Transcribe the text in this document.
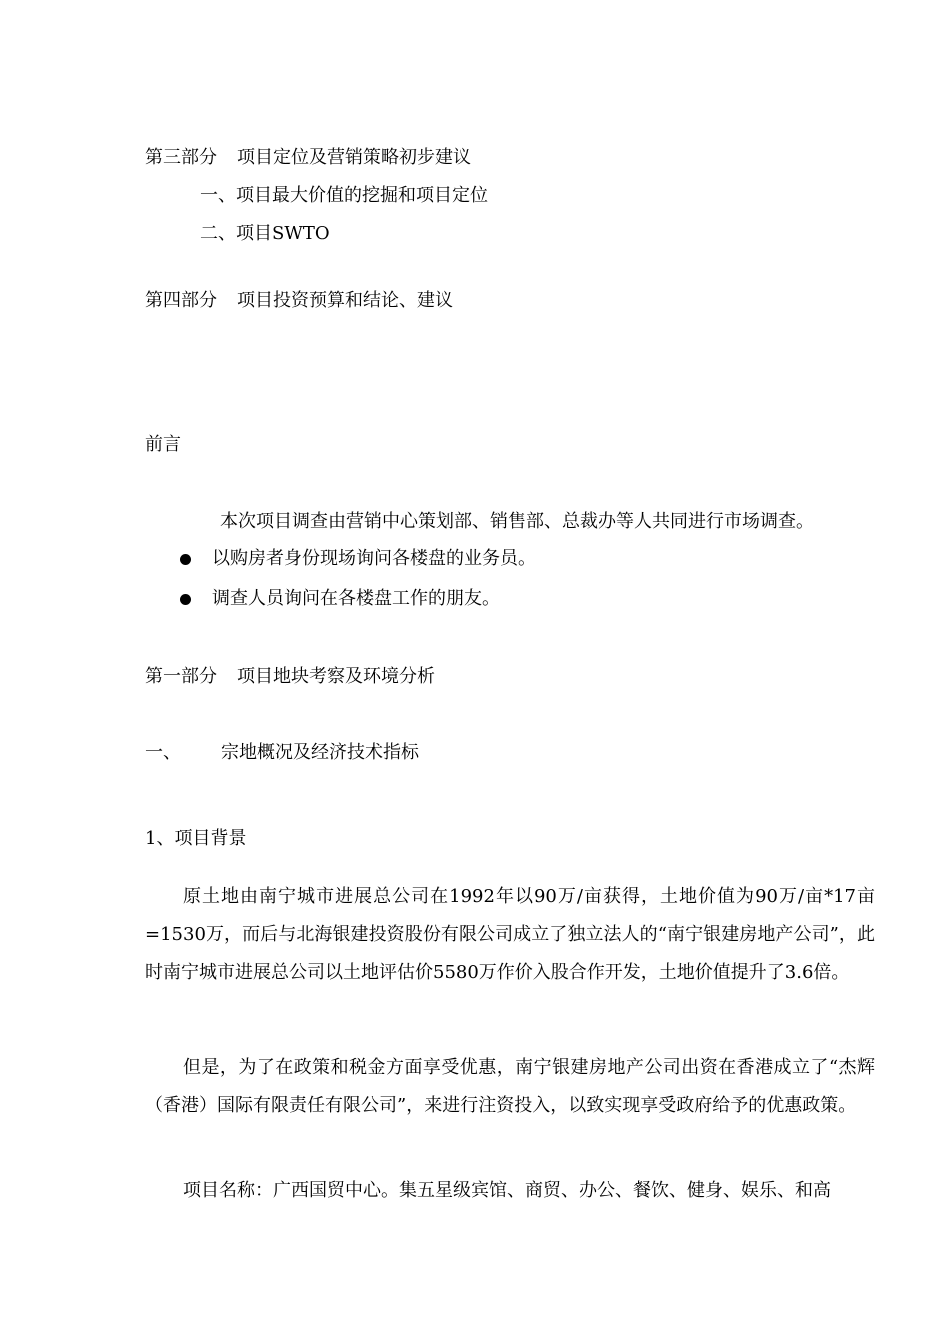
第三部分 项目定位及营销策略初步建议
一、项目最大价值的挖掘和项目定位
二、项目SWTO
第四部分 项目投资预算和结论、建议
前言
本次项目调查由营销中心策划部、销售部、总裁办等人共同进行市场调查。
以购房者身份现场询问各楼盘的业务员。
调查人员询问在各楼盘工作的朋友。
第一部分 项目地块考察及环境分析
一、 宗地概况及经济技术指标
1、项目背景
原土地由南宁城市进展总公司在1992年以90万/亩获得，土地价值为90万/亩*17亩=1530万，而后与北海银建投资股份有限公司成立了独立法人的“南宁银建房地产公司”，此时南宁城市进展总公司以土地评估价5580万作价入股合作开发，土地价值提升了3.6倍。
但是，为了在政策和税金方面享受优惠，南宁银建房地产公司出资在香港成立了“杰辉（香港）国际有限责任有限公司”，来进行注资投入，以致实现享受政府给予的优惠政策。
项目名称：广西国贸中心。集五星级宾馆、商贸、办公、餐饮、健身、娱乐、和高
